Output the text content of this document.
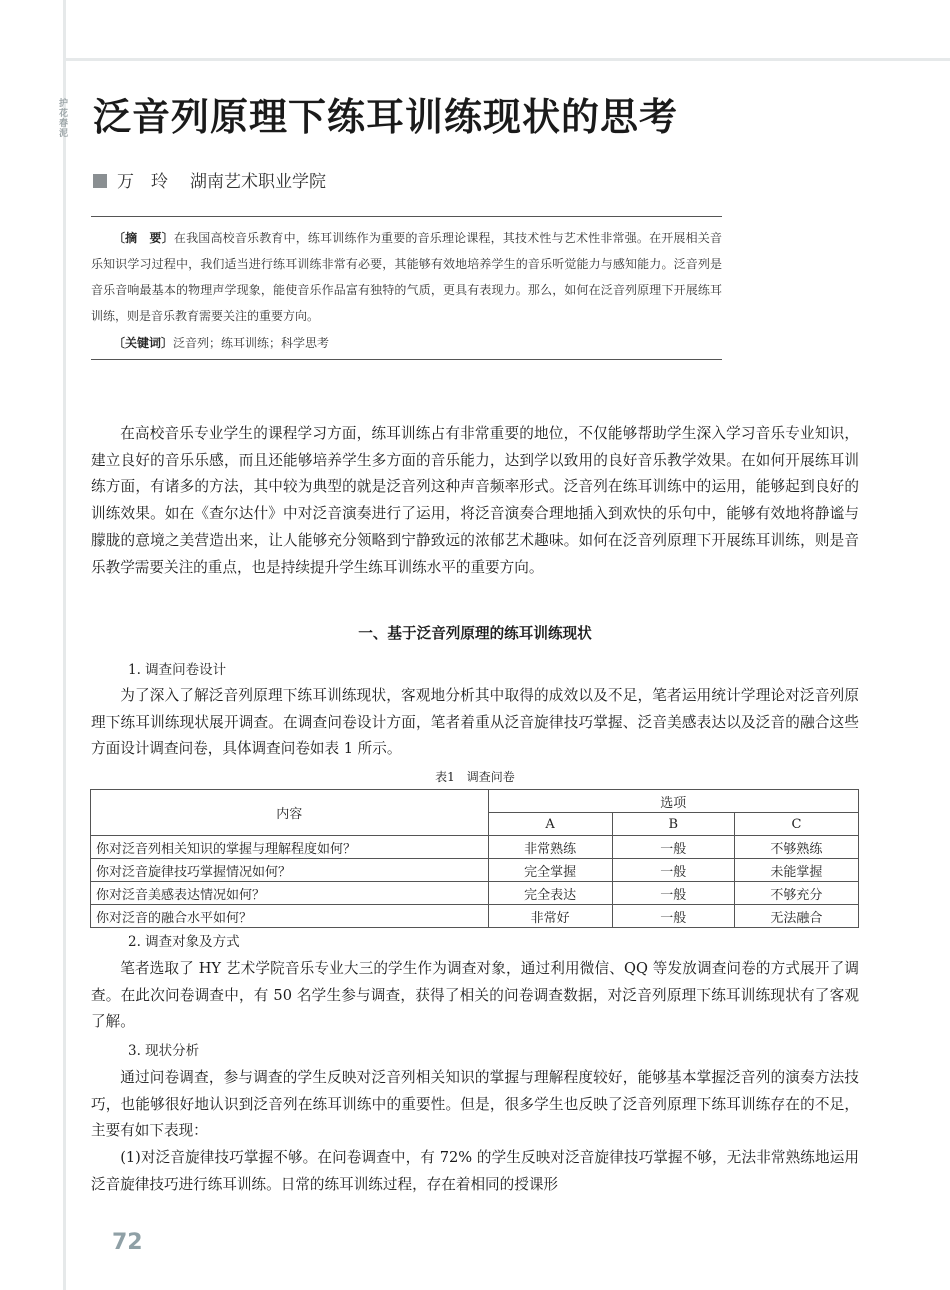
护花春泥 泛音列原理下练耳训练现状的思考
万　玲 湖南艺术职业学院
〔摘　要〕在我国高校音乐教育中，练耳训练作为重要的音乐理论课程，其技术性与艺术性非常强。在开展相关音乐知识学习过程中，我们适当进行练耳训练非常有必要，其能够有效地培养学生的音乐听觉能力与感知能力。泛音列是音乐音响最基本的物理声学现象，能使音乐作品富有独特的气质，更具有表现力。那么，如何在泛音列原理下开展练耳训练，则是音乐教育需要关注的重要方向。
〔关键词〕泛音列；练耳训练；科学思考

在高校音乐专业学生的课程学习方面，练耳训练占有非常重要的地位，不仅能够帮助学生深入学习音乐专业知识，建立良好的音乐乐感，而且还能够培养学生多方面的音乐能力，达到学以致用的良好音乐教学效果。在如何开展练耳训练方面，有诸多的方法，其中较为典型的就是泛音列这种声音频率形式。泛音列在练耳训练中的运用，能够起到良好的训练效果。如在《查尔达什》中对泛音演奏进行了运用，将泛音演奏合理地插入到欢快的乐句中，能够有效地将静谧与朦胧的意境之美营造出来，让人能够充分领略到宁静致远的浓郁艺术趣味。如何在泛音列原理下开展练耳训练，则是音乐教学需要关注的重点，也是持续提升学生练耳训练水平的重要方向。

一、基于泛音列原理的练耳训练现状
1. 调查问卷设计

为了深入了解泛音列原理下练耳训练现状，客观地分析其中取得的成效以及不足，笔者运用统计学理论对泛音列原理下练耳训练现状展开调查。在调查问卷设计方面，笔者着重从泛音旋律技巧掌握、泛音美感表达以及泛音的融合这些方面设计调查问卷，具体调查问卷如表 1 所示。

表1　调查问卷
内容	选项		
	A	B	C
你对泛音列相关知识的掌握与理解程度如何？	非常熟练	一般	不够熟练
你对泛音旋律技巧掌握情况如何？	完全掌握	一般	未能掌握
你对泛音美感表达情况如何？	完全表达	一般	不够充分
你对泛音的融合水平如何？	非常好	一般	无法融合
2. 调查对象及方式

笔者选取了 HY 艺术学院音乐专业大三的学生作为调查对象，通过利用微信、QQ 等发放调查问卷的方式展开了调查。在此次问卷调查中，有 50 名学生参与调查，获得了相关的问卷调查数据，对泛音列原理下练耳训练现状有了客观了解。

3. 现状分析

通过问卷调查，参与调查的学生反映对泛音列相关知识的掌握与理解程度较好，能够基本掌握泛音列的演奏方法技巧，也能够很好地认识到泛音列在练耳训练中的重要性。但是，很多学生也反映了泛音列原理下练耳训练存在的不足，主要有如下表现：

(1)对泛音旋律技巧掌握不够。在问卷调查中，有 72% 的学生反映对泛音旋律技巧掌握不够，无法非常熟练地运用泛音旋律技巧进行练耳训练。日常的练耳训练过程，存在着相同的授课形

72
